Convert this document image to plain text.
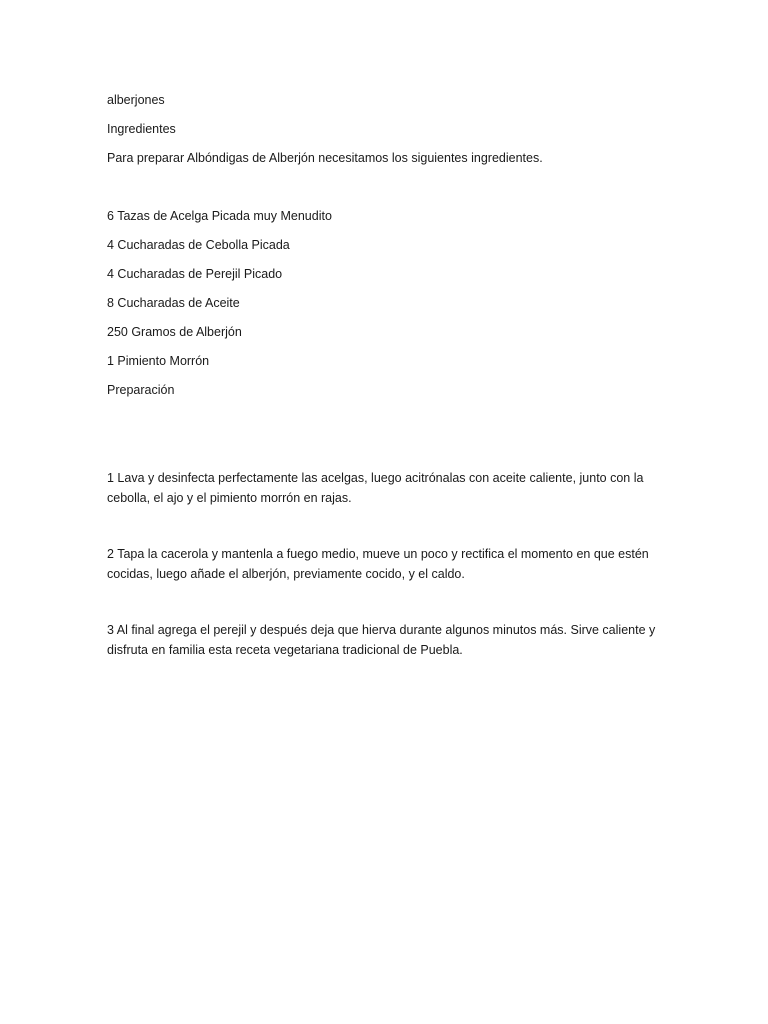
alberjones
Ingredientes
Para preparar Albóndigas de Alberjón necesitamos los siguientes ingredientes.
6 Tazas de Acelga Picada muy Menudito
4 Cucharadas de Cebolla Picada
4 Cucharadas de Perejil Picado
8 Cucharadas de Aceite
250 Gramos de Alberjón
1 Pimiento Morrón
Preparación
1 Lava y desinfecta perfectamente las acelgas, luego acitrónalas con aceite caliente, junto con la cebolla, el ajo y el pimiento morrón en rajas.
2 Tapa la cacerola y mantenla a fuego medio, mueve un poco y rectifica el momento en que estén cocidas, luego añade el alberjón, previamente cocido, y el caldo.
3 Al final agrega el perejil y después deja que hierva durante algunos minutos más. Sirve caliente y disfruta en familia esta receta vegetariana tradicional de Puebla.
